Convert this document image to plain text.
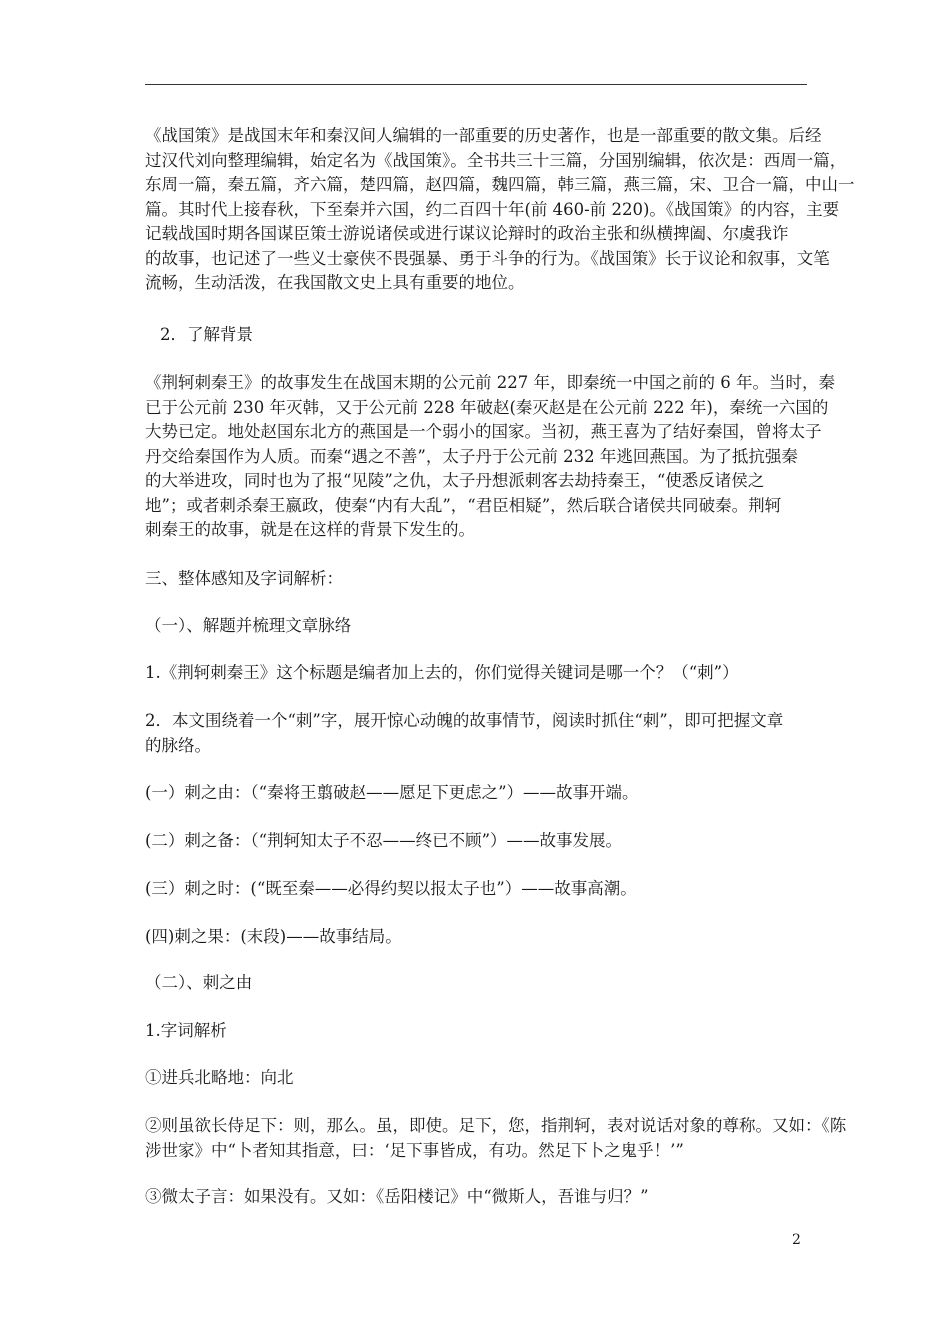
《战国策》是战国末年和秦汉间人编辑的一部重要的历史著作，也是一部重要的散文集。后经
过汉代刘向整理编辑，始定名为《战国策》。全书共三十三篇，分国别编辑，依次是：西周一篇，
东周一篇，秦五篇，齐六篇，楚四篇，赵四篇，魏四篇，韩三篇，燕三篇，宋、卫合一篇，中山一
篇。其时代上接春秋，下至秦并六国，约二百四十年(前 460-前 220)。《战国策》的内容，主要
记载战国时期各国谋臣策士游说诸侯或进行谋议论辩时的政治主张和纵横捭阖、尔虞我诈
的故事，也记述了一些义士豪侠不畏强暴、勇于斗争的行为。《战国策》长于议论和叙事，文笔
流畅，生动活泼，在我国散文史上具有重要的地位。
2．了解背景
《荆轲刺秦王》的故事发生在战国末期的公元前 227 年，即秦统一中国之前的 6 年。当时，秦
已于公元前 230 年灭韩，又于公元前 228 年破赵(秦灭赵是在公元前 222 年)，秦统一六国的
大势已定。地处赵国东北方的燕国是一个弱小的国家。当初，燕王喜为了结好秦国，曾将太子
丹交给秦国作为人质。而秦“遇之不善”，太子丹于公元前 232 年逃回燕国。为了抵抗强秦
的大举进攻，同时也为了报“见陵”之仇，太子丹想派刺客去劫持秦王，“使悉反诸侯之
地”；或者刺杀秦王嬴政，使秦“内有大乱”，“君臣相疑”，然后联合诸侯共同破秦。荆轲
刺秦王的故事，就是在这样的背景下发生的。
三、整体感知及字词解析：
（一）、解题并梳理文章脉络
1.《荆轲刺秦王》这个标题是编者加上去的，你们觉得关键词是哪一个？（“刺”）
2．本文围绕着一个“刺”字，展开惊心动魄的故事情节，阅读时抓住“刺”，即可把握文章
的脉络。
(一）刺之由：（“秦将王翦破赵——愿足下更虑之”）——故事开端。
(二）刺之备：（“荆轲知太子不忍——终已不顾”）——故事发展。
(三）刺之时：(“既至秦——必得约契以报太子也”）——故事高潮。
(四)刺之果：(末段)——故事结局。
（二）、刺之由
1.字词解析
①进兵北略地：向北
②则虽欲长侍足下：则，那么。虽，即使。足下，您，指荆轲，表对说话对象的尊称。又如：《陈
涉世家》中“卜者知其指意，曰：‘足下事皆成，有功。然足下卜之鬼乎！’”
③微太子言：如果没有。又如：《岳阳楼记》中“微斯人，吾谁与归？”
2
